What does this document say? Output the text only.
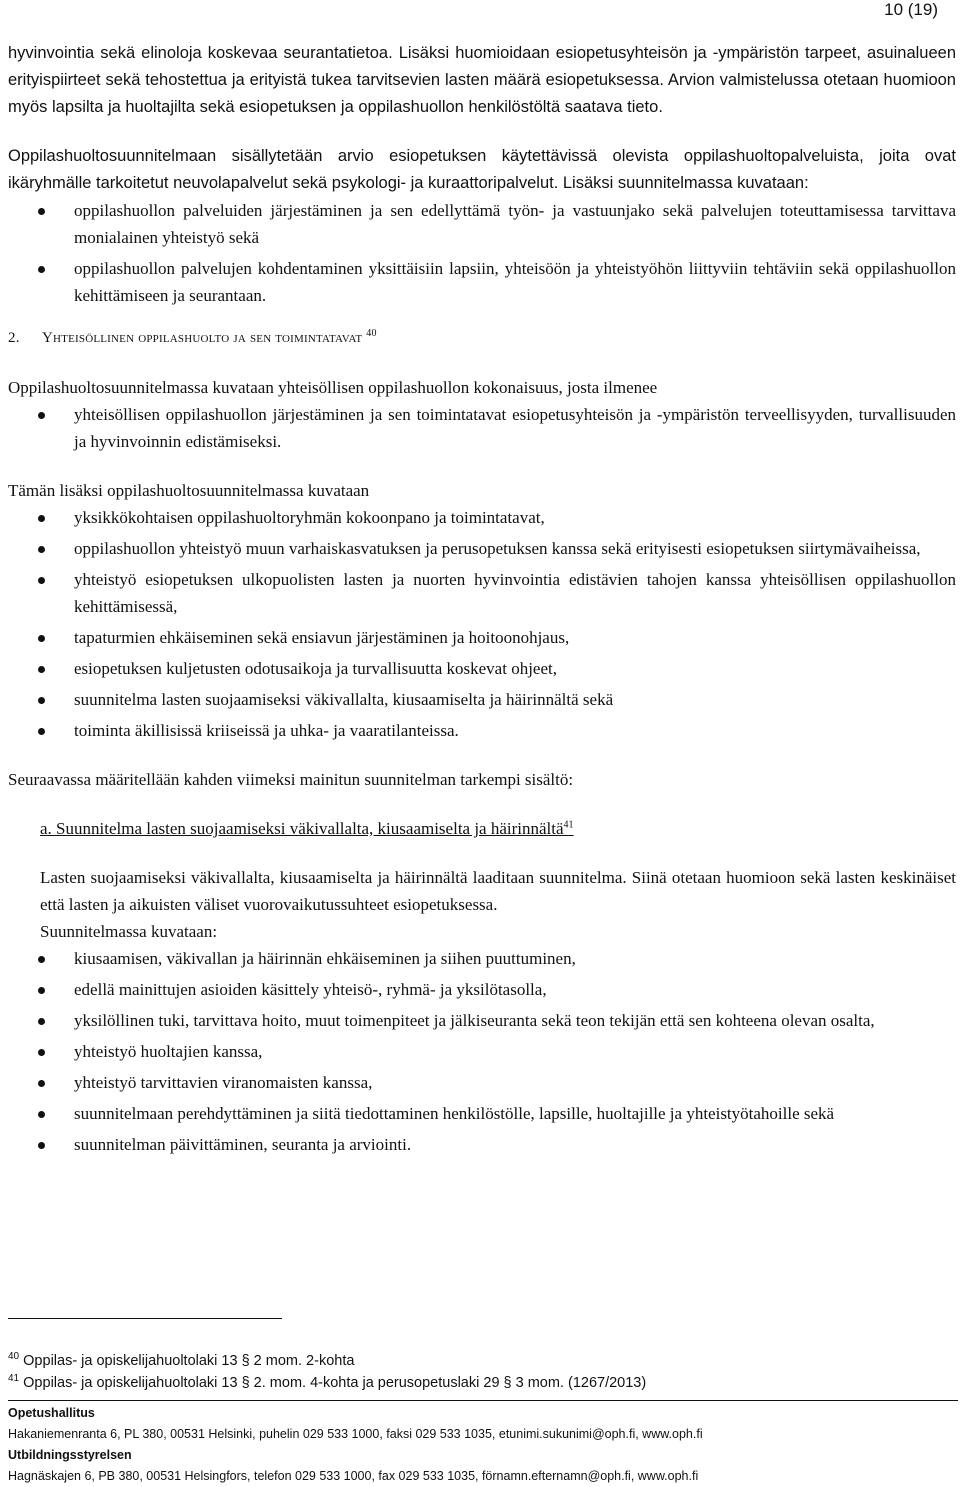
10 (19)

hyvinvointia sekä elinoloja koskevaa seurantatietoa. Lisäksi huomioidaan esiopetusyhteisön ja -ympäristön tarpeet, asuinalueen erityispiirteet sekä tehostettua ja erityistä tukea tarvitsevien lasten määrä esiopetuksessa. Arvion valmistelussa otetaan huomioon myös lapsilta ja huoltajilta sekä esiopetuksen ja oppilashuollon henkilöstöltä saatava tieto.

Oppilashuoltosuunnitelmaan sisällytetään arvio esiopetuksen käytettävissä olevista oppilashuoltopalveluista, joita ovat ikäryhmälle tarkoitetut neuvolapalvelut sekä psykologi- ja kuraattoripalvelut. Lisäksi suunnitelmassa kuvataan:

oppilashuollon palveluiden järjestäminen ja sen edellyttämä työn- ja vastuunjako sekä palvelujen toteuttamisessa tarvittava monialainen yhteistyö sekä
oppilashuollon palvelujen kohdentaminen yksittäisiin lapsiin, yhteisöön ja yhteistyöhön liittyviin tehtäviin sekä oppilashuollon kehittämiseen ja seurantaan.
2. Yhteisöllinen oppilashuolto ja sen toimintatavat $^{40}$

Oppilashuoltosuunnitelmassa kuvataan yhteisöllisen oppilashuollon kokonaisuus, josta ilmenee

yhteisöllisen oppilashuollon järjestäminen ja sen toimintatavat esiopetusyhteisön ja -ympäristön terveellisyyden, turvallisuuden ja hyvinvoinnin edistämiseksi.

Tämän lisäksi oppilashuoltosuunnitelmassa kuvataan

yksikkökohtaisen oppilashuoltoryhmän kokoonpano ja toimintatavat,
oppilashuollon yhteistyö muun varhaiskasvatuksen ja perusopetuksen kanssa sekä erityisesti esiopetuksen siirtymävaiheissa,
yhteistyö esiopetuksen ulkopuolisten lasten ja nuorten hyvinvointia edistävien tahojen kanssa yhteisöllisen oppilashuollon kehittämisessä,
tapaturmien ehkäiseminen sekä ensiavun järjestäminen ja hoitoonohjaus,
esiopetuksen kuljetusten odotusaikoja ja turvallisuutta koskevat ohjeet,
suunnitelma lasten suojaamiseksi väkivallalta, kiusaamiselta ja häirinnältä sekä
toiminta äkillisissä kriiseissä ja uhka- ja vaaratilanteissa.

Seuraavassa määritellään kahden viimeksi mainitun suunnitelman tarkempi sisältö:

a. Suunnitelma lasten suojaamiseksi väkivallalta, kiusaamiselta ja häirinnältä$^{41}$

Lasten suojaamiseksi väkivallalta, kiusaamiselta ja häirinnältä laaditaan suunnitelma. Siinä otetaan huomioon sekä lasten keskinäiset että lasten ja aikuisten väliset vuorovaikutussuhteet esiopetuksessa.

Suunnitelmassa kuvataan:

kiusaamisen, väkivallan ja häirinnän ehkäiseminen ja siihen puuttuminen,
edellä mainittujen asioiden käsittely yhteisö-, ryhmä- ja yksilötasolla,
yksilöllinen tuki, tarvittava hoito, muut toimenpiteet ja jälkiseuranta sekä teon tekijän että sen kohteena olevan osalta,
yhteistyö huoltajien kanssa,
yhteistyö tarvittavien viranomaisten kanssa,
suunnitelmaan perehdyttäminen ja siitä tiedottaminen henkilöstölle, lapsille, huoltajille ja yhteistyötahoille sekä
suunnitelman päivittäminen, seuranta ja arviointi.
$^{40}$ Oppilas- ja opiskelijahuoltolaki 13 § 2 mom. 2-kohta
$^{41}$ Oppilas- ja opiskelijahuoltolaki 13 § 2. mom. 4-kohta ja perusopetuslaki 29 § 3 mom. (1267/2013)
Opetushallitus
Hakaniemenranta 6, PL 380, 00531 Helsinki, puhelin 029 533 1000, faksi 029 533 1035, etunimi.sukunimi@oph.fi, www.oph.fi
Utbildningsstyrelsen
Hagnäskajen 6, PB 380, 00531 Helsingfors, telefon 029 533 1000, fax 029 533 1035, förnamn.efternamn@oph.fi, www.oph.fi
